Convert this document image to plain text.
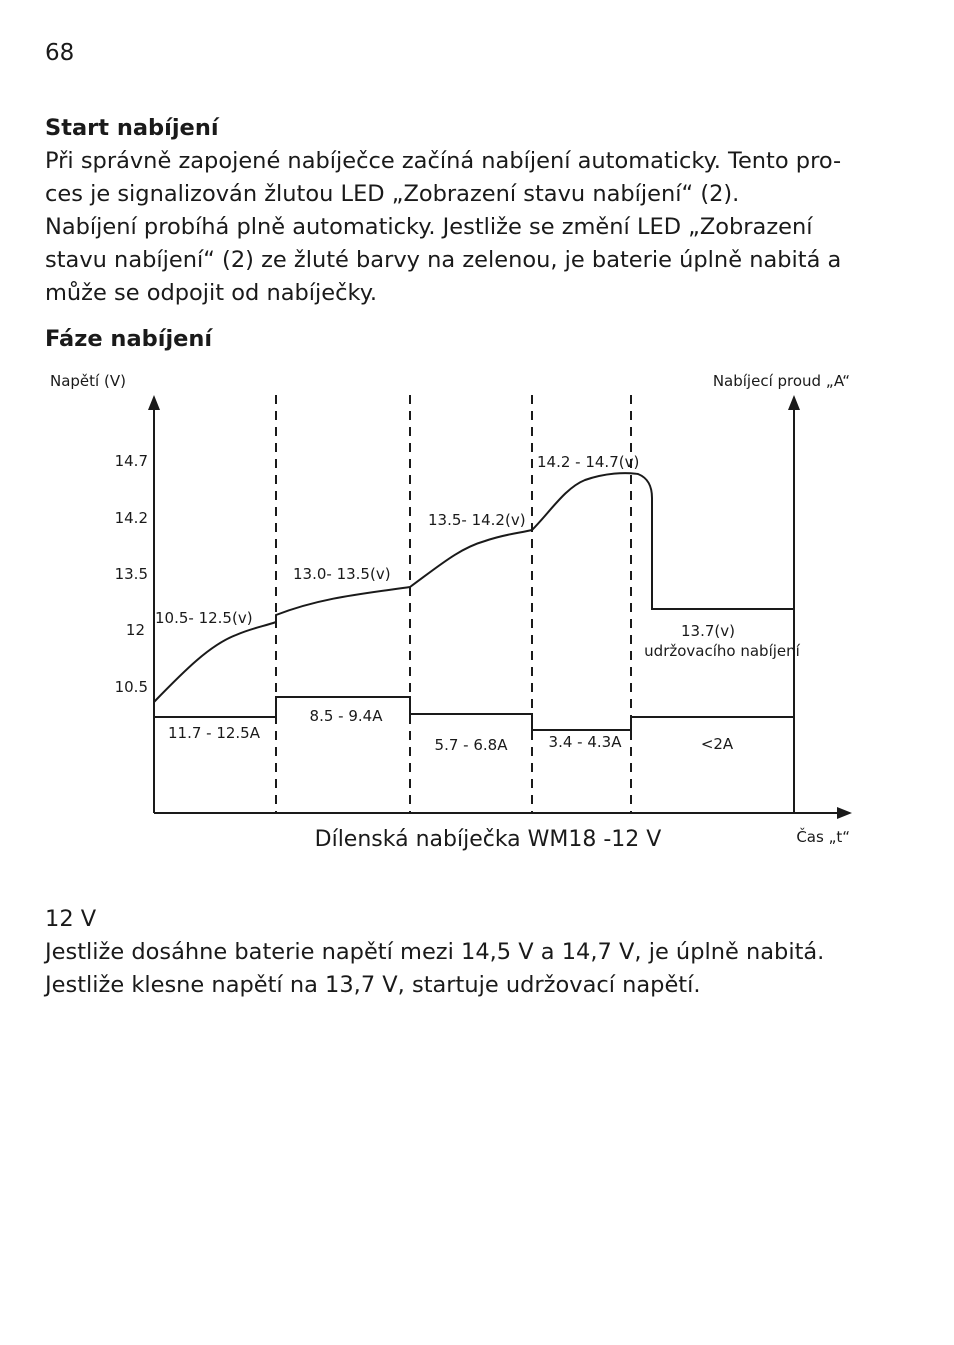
68

Start nabíjení

Při správně zapojené nabíječce začíná nabíjení automaticky. Tento pro-
ces je signalizován žlutou LED „Zobrazení stavu nabíjení“ (2).
Nabíjení probíhá plně automaticky. Jestliže se změní LED „Zobrazení
stavu nabíjení“ (2) ze žluté barvy na zelenou, je baterie úplně nabitá a
může se odpojit od nabíječky.

Fáze nabíjení

14.7
14.2
13.5
12
10.5
Napětí (V)	Nabíjecí proud „A“
Čas „t“
10.5- 12.5(v)
13.0- 13.5(v)
13.5- 14.2(v)
14.2 - 14.7(v)
13.7(v)
udržovacího nabíjení
11.7 - 12.5A
8.5 - 9.4A
5.7 - 6.8A	3.4 - 4.3A	<2A
Dílenská nabíječka WM18 -12 V

12 V

Jestliže dosáhne baterie napětí mezi 14,5 V a 14,7 V, je úplně nabitá.
Jestliže klesne napětí na 13,7 V, startuje udržovací napětí.
